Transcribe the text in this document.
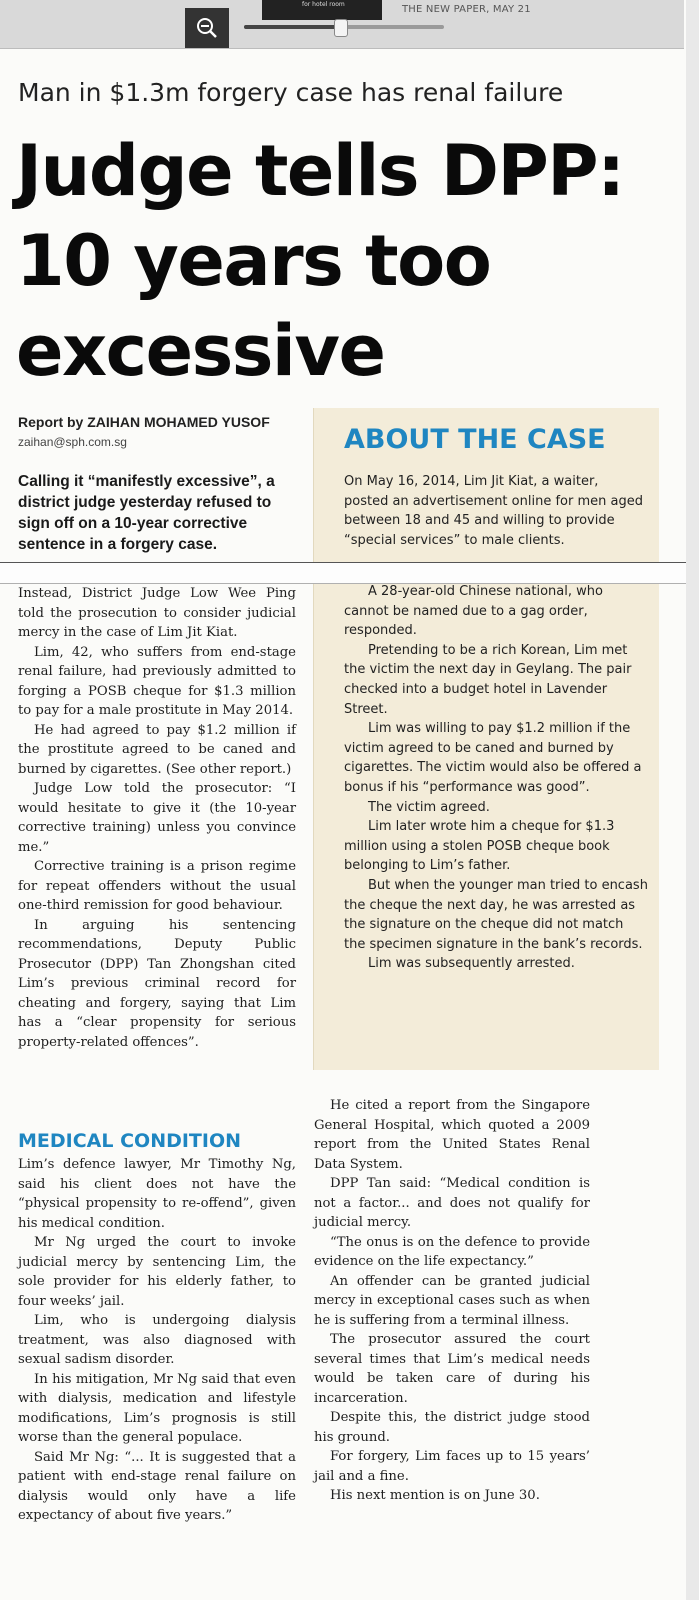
for hotel room	THE NEW PAPER, MAY 21
Man in $1.3m forgery case has renal failure
Judge tells DPP: 10 years too excessive
Report by ZAIHAN MOHAMED YUSOF
zaihan@sph.com.sg
Calling it “manifestly excessive”, a district judge yesterday refused to sign off on a 10-year corrective sentence in a forgery case.
ABOUT THE CASE

On May 16, 2014, Lim Jit Kiat, a waiter, posted an advertisement online for men aged between 18 and 45 and willing to provide “special services” to male clients.

A 28-year-old Chinese national, who cannot be named due to a gag order, responded.

Pretending to be a rich Korean, Lim met the victim the next day in Geylang. The pair checked into a budget hotel in Lavender Street.

Lim was willing to pay $1.2 million if the victim agreed to be caned and burned by cigarettes. The victim would also be offered a bonus if his “performance was good”.

The victim agreed.

Lim later wrote him a cheque for $1.3 million using a stolen POSB cheque book belonging to Lim’s father.

But when the younger man tried to encash the cheque the next day, he was arrested as the signature on the cheque did not match the specimen signature in the bank’s records.

Lim was subsequently arrested.

Instead, District Judge Low Wee Ping told the prosecution to consider judicial mercy in the case of Lim Jit Kiat.

Lim, 42, who suffers from end-stage renal failure, had previously admitted to forging a POSB cheque for $1.3 million to pay for a male prostitute in May 2014.

He had agreed to pay $1.2 million if the prostitute agreed to be caned and burned by cigarettes. (See other report.)

Judge Low told the prosecutor: “I would hesitate to give it (the 10-year corrective training) unless you convince me.”

Corrective training is a prison regime for repeat offenders without the usual one-third remission for good behaviour.

In arguing his sentencing recommendations, Deputy Public Prosecutor (DPP) Tan Zhongshan cited Lim’s previous criminal record for cheating and forgery, saying that Lim has a “clear propensity for serious property-related offences”.

MEDICAL CONDITION

Lim’s defence lawyer, Mr Timothy Ng, said his client does not have the “physical propensity to re-offend”, given his medical condition.

Mr Ng urged the court to invoke judicial mercy by sentencing Lim, the sole provider for his elderly father, to four weeks’ jail.

Lim, who is undergoing dialysis treatment, was also diagnosed with sexual sadism disorder.

In his mitigation, Mr Ng said that even with dialysis, medication and lifestyle modifications, Lim’s prognosis is still worse than the general populace.

Said Mr Ng: “... It is suggested that a patient with end-stage renal failure on dialysis would only have a life expectancy of about five years.”

He cited a report from the Singapore General Hospital, which quoted a 2009 report from the United States Renal Data System.

DPP Tan said: “Medical condition is not a factor... and does not qualify for judicial mercy.

“The onus is on the defence to provide evidence on the life expectancy.”

An offender can be granted judicial mercy in exceptional cases such as when he is suffering from a terminal illness.

The prosecutor assured the court several times that Lim’s medical needs would be taken care of during his incarceration.

Despite this, the district judge stood his ground.

For forgery, Lim faces up to 15 years’ jail and a fine.

His next mention is on June 30.
